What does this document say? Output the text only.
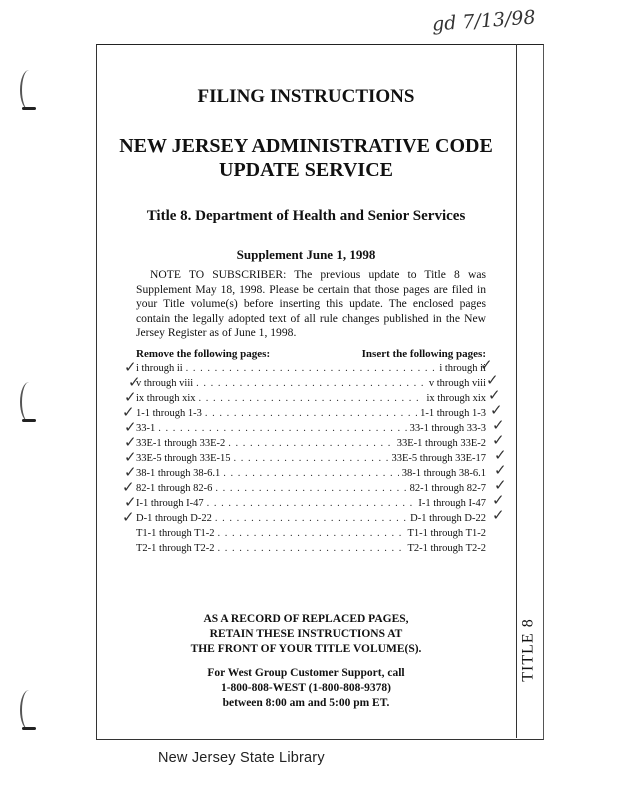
gd 7/13/98
TITLE 8
FILING INSTRUCTIONS
NEW JERSEY ADMINISTRATIVE CODE
UPDATE SERVICE
Title 8. Department of Health and Senior Services
Supplement June 1, 1998
NOTE TO SUBSCRIBER: The previous update to Title 8 was Supplement May 18, 1998. Please be certain that those pages are filed in your Title volume(s) before inserting this update. The enclosed pages contain the legally adopted text of all rule changes published in the New Jersey Register as of June 1, 1998.
Remove the following pages:	Insert the following pages:
i through ii . . .	i through ii
v through viii . . .	v through viii
ix through xix . . .	ix through xix
1-1 through 1-3 . . .	1-1 through 1-3
33-1 . . .	33-1 through 33-3
33E-1 through 33E-2 . . .	33E-1 through 33E-2
33E-5 through 33E-15 . . .	33E-5 through 33E-17
38-1 through 38-6.1 . . .	38-1 through 38-6.1
82-1 through 82-6 . . .	82-1 through 82-7
I-1 through I-47 . . .	I-1 through I-47
D-1 through D-22 . . .	D-1 through D-22
T1-1 through T1-2 . . .	T1-1 through T1-2
T2-1 through T2-2 . . .	T2-1 through T2-2
✓
✓
✓
✓
✓
✓
✓
✓
✓
✓
✓
✓
✓
✓
✓
✓
✓
✓
✓
✓
✓
✓
AS A RECORD OF REPLACED PAGES,
RETAIN THESE INSTRUCTIONS AT
THE FRONT OF YOUR TITLE VOLUME(S).
For West Group Customer Support, call
1-800-808-WEST (1-800-808-9378)
between 8:00 am and 5:00 pm ET.
New Jersey State Library
